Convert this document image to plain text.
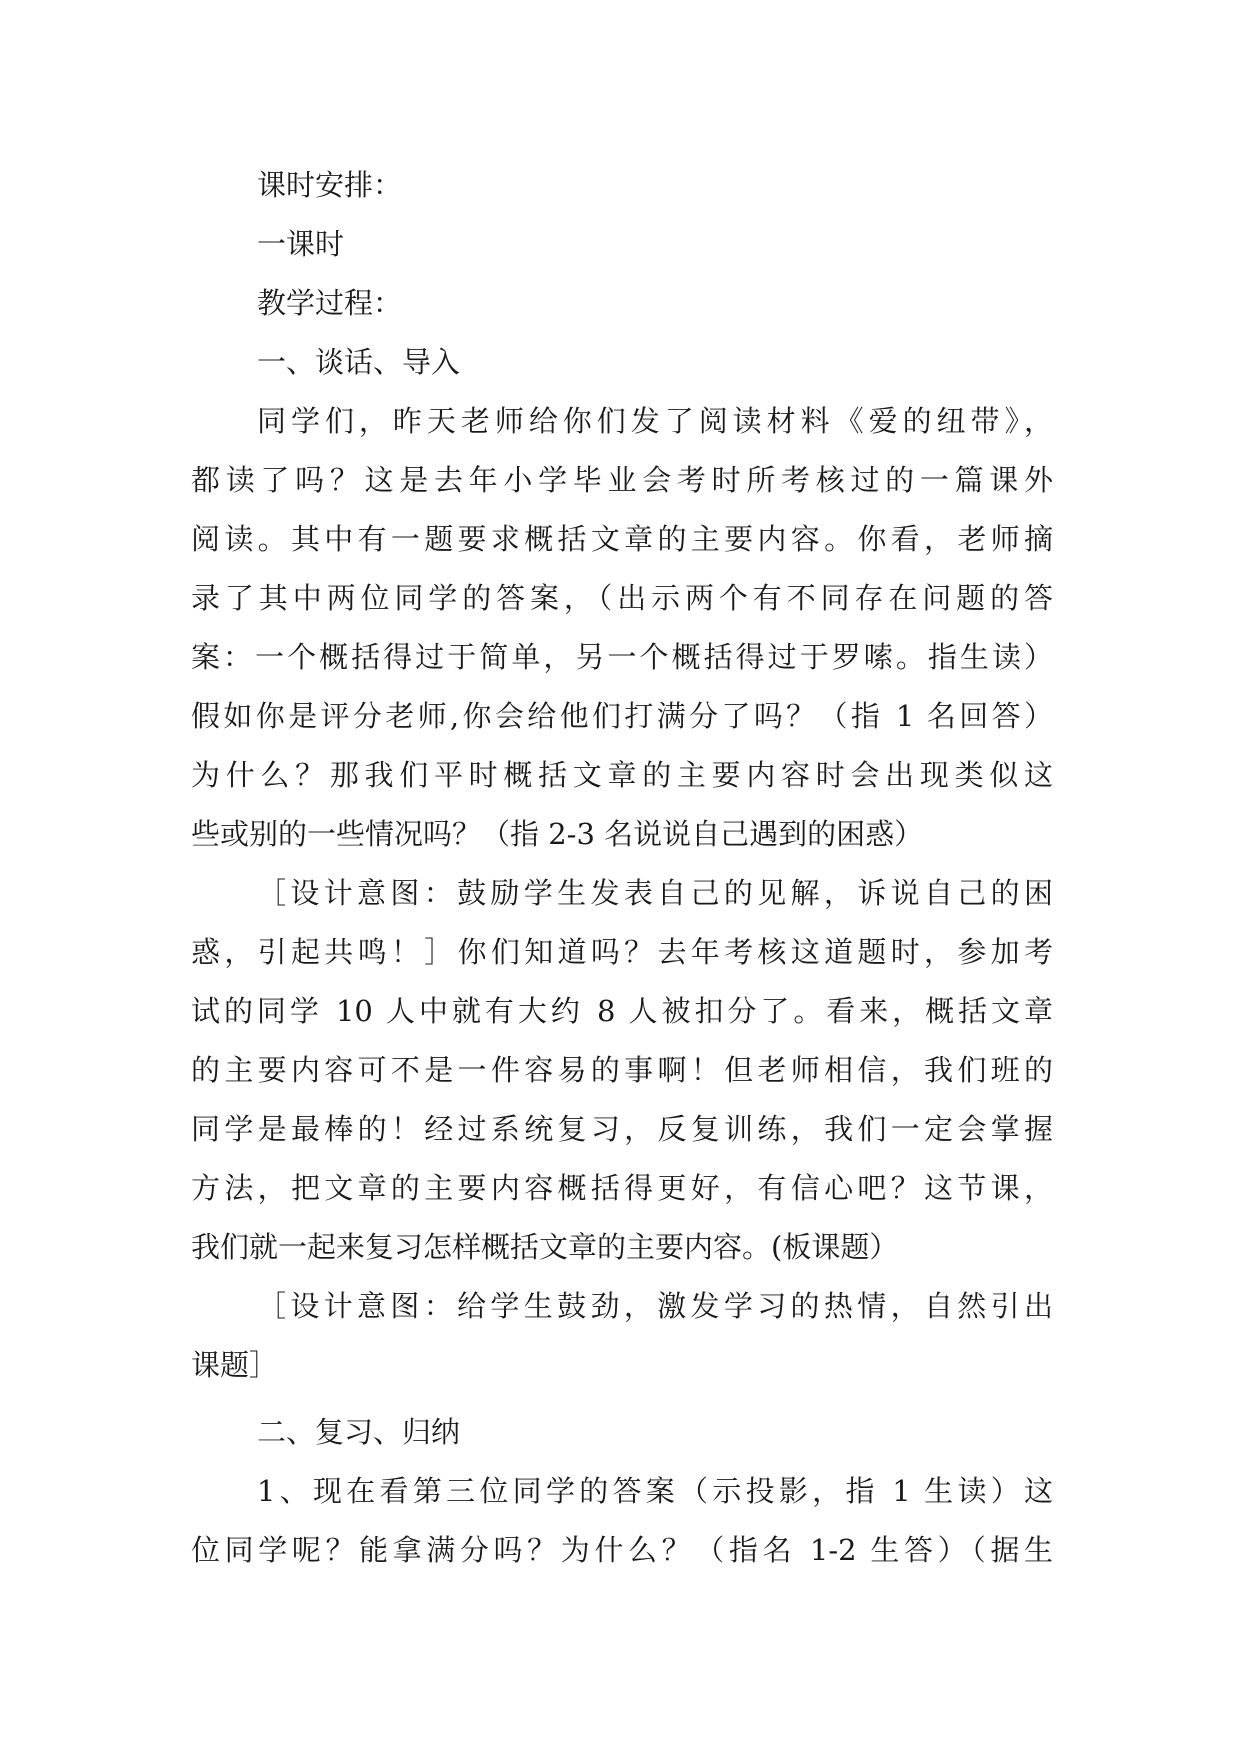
课时安排：

一课时

教学过程：

一、谈话、导入

同学们，昨天老师给你们发了阅读材料《爱的纽带》，

都读了吗？这是去年小学毕业会考时所考核过的一篇课外

阅读。其中有一题要求概括文章的主要内容。你看，老师摘

录了其中两位同学的答案，（出示两个有不同存在问题的答

案：一个概括得过于简单，另一个概括得过于罗嗦。指生读）

假如你是评分老师,你会给他们打满分了吗？（指 1 名回答）

为什么？那我们平时概括文章的主要内容时会出现类似这

些或别的一些情况吗？（指 2-3 名说说自己遇到的困惑）

［设计意图：鼓励学生发表自己的见解，诉说自己的困

惑，引起共鸣！］你们知道吗？去年考核这道题时，参加考

试的同学 10 人中就有大约 8 人被扣分了。看来，概括文章

的主要内容可不是一件容易的事啊！但老师相信，我们班的

同学是最棒的！经过系统复习，反复训练，我们一定会掌握

方法，把文章的主要内容概括得更好，有信心吧？这节课，

我们就一起来复习怎样概括文章的主要内容。(板课题）

［设计意图：给学生鼓劲，激发学习的热情，自然引出

课题］

二、复习、归纳

1、现在看第三位同学的答案（示投影，指 1 生读）这

位同学呢？能拿满分吗？为什么？（指名 1-2 生答）（据生
